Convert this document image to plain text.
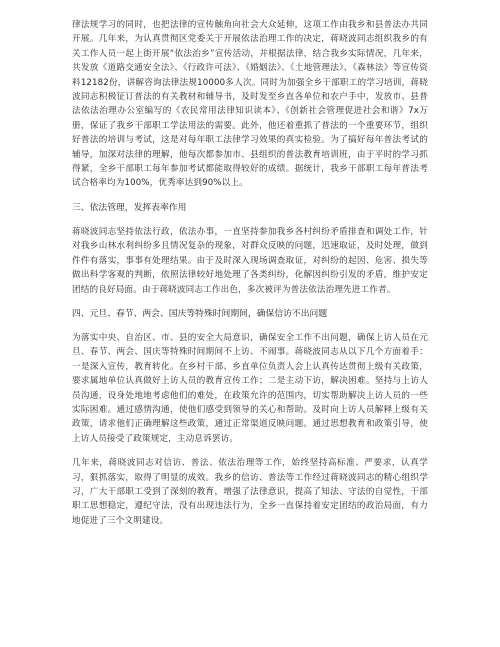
律法规学习的同时，也把法律的宣传触角向社会大众延伸，这项工作由我乡和县普法办共同开展。几年来，为认真贯彻区党委关于开展依法治理工作的决定，蒋晓波同志组织我乡的有关工作人员一起上街开展“依法治乡”宣传活动，并根据法律，结合我乡实际情况，几年来，共发放《道路交通安全法》、《行政许可法》、《婚姻法》、《土地管理法》、《森林法》等宣传资料12182份，讲解咨询法律法规10000多人次。同时为加强全乡干部职工的学习培训，蒋晓波同志积极征订普法的有关教材和辅导书，及时发至乡直各单位和农户手中，发放市、县普法依法治理办公室编写的《农民常用法律知识读本》、《创新社会管理促进社会和谐》7x万册，保证了我乡干部职工学法用法的需要。此外，他还着重抓了普法的一个重要环节，组织好普法的培训与考试，这是对每年职工法律学习效果的真实检验。为了搞好每年普法考试的辅导，加深对法律的理解，他每次都参加市、县组织的普法教育培训班，由于平时的学习抓得紧，全乡干部职工每年参加考试都能取得较好的成绩。据统计，我乡干部职工每年普法考试合格率均为100%，优秀率达到90%以上。

三、依法管理，发挥表率作用

蒋晓波同志坚持依法行政，依法办事，一直坚持参加我乡各村纠纷矛盾排查和调处工作，针对我乡山林水利纠纷多且情况复杂的现象，对群众反映的问题，迅速取证，及时处理，做到件件有落实，事事有处理结果。由于及时深入现场调查取证，对纠纷的起因、危害、损失等做出科学客观的判断，依照法律较好地处理了各类纠纷，化解因纠纷引发的矛盾，维护安定团结的良好局面。由于蒋晓波同志工作出色，多次被评为普法依法治理先进工作者。

四、元旦、春节、两会、国庆等特殊时间期间，确保信访不出问题

为落实中央、自治区、市、县的安全大局意识，确保安全工作不出问题，确保上访人员在元旦、春节、两会、国庆等特殊时间期间不上访、不闹事。蒋晓波同志从以下几个方面着手：一是深入宣传，教育转化。在乡村干部、乡直单位负责人会上认真传达贯彻上级有关政策，要求属地单位认真做好上访人员的教育宣传工作；二是主动下访，解决困难。坚持与上访人员沟通，设身处地地考虑他们的难处，在政策允许的范围内，切实帮助解决上访人员的一些实际困难。通过感情沟通，使他们感受到领导的关心和帮助。及时向上访人员解释上级有关政策，请求他们正确理解这些政策，通过正常渠道反映问题。通过思想教育和政策引导，使上访人员接受了政策规定，主动息诉罢访。

几年来，蒋晓波同志对信访、普法、依法治理等工作，始终坚持高标准、严要求，认真学习，狠抓落实，取得了明显的成效。我乡的信访、普法等工作经过蒋晓波同志的精心组织学习，广大干部职工受到了深刻的教育，增强了法律意识，提高了知法、守法的自觉性，干部职工思想稳定，遵纪守法，没有出现违法行为，全乡一直保持着安定团结的政治局面，有力地促进了三个文明建设。
